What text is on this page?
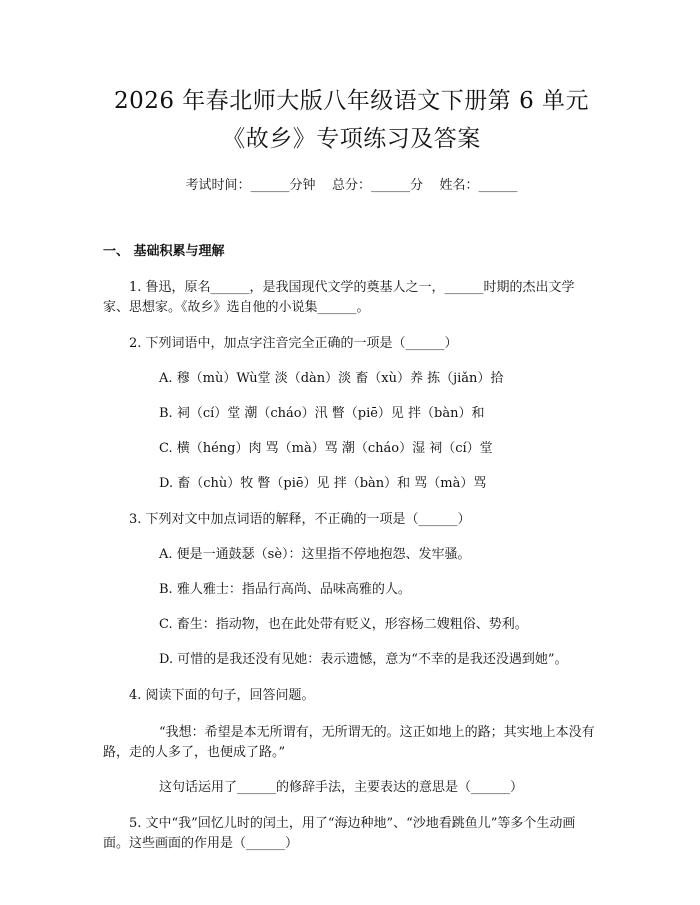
2026 年春北师大版八年级语文下册第 6 单元
《故乡》专项练习及答案
考试时间：______分钟    总分：______分    姓名：______
一、 基础积累与理解

1. 鲁迅，原名______，是我国现代文学的奠基人之一，______时期的杰出文学家、思想家。《故乡》选自他的小说集______。

2. 下列词语中，加点字注音完全正确的一项是（______）

A. 穆（mù）Wù堂 淡（dàn）淡 畜（xù）养 拣（jiǎn）拾
B. 祠（cí）堂 潮（cháo）汛 瞥（piē）见 拌（bàn）和
C. 横（héng）肉 骂（mà）骂 潮（cháo）湿 祠（cí）堂
D. 畜（chù）牧 瞥（piē）见 拌（bàn）和 骂（mà）骂

3. 下列对文中加点词语的解释，不正确的一项是（______）

A. 便是一通鼓瑟（sè）：这里指不停地抱怨、发牢骚。
B. 雅人雅士：指品行高尚、品味高雅的人。
C. 畜生：指动物，也在此处带有贬义，形容杨二嫂粗俗、势利。
D. 可惜的是我还没有见她：表示遗憾，意为“不幸的是我还没遇到她”。

4. 阅读下面的句子，回答问题。

“我想：希望是本无所谓有，无所谓无的。这正如地上的路；其实地上本没有路，走的人多了，也便成了路。”
这句话运用了______的修辞手法，主要表达的意思是（______）

5. 文中“我”回忆儿时的闰土，用了“海边种地”、“沙地看跳鱼儿”等多个生动画面。这些画面的作用是（______）
